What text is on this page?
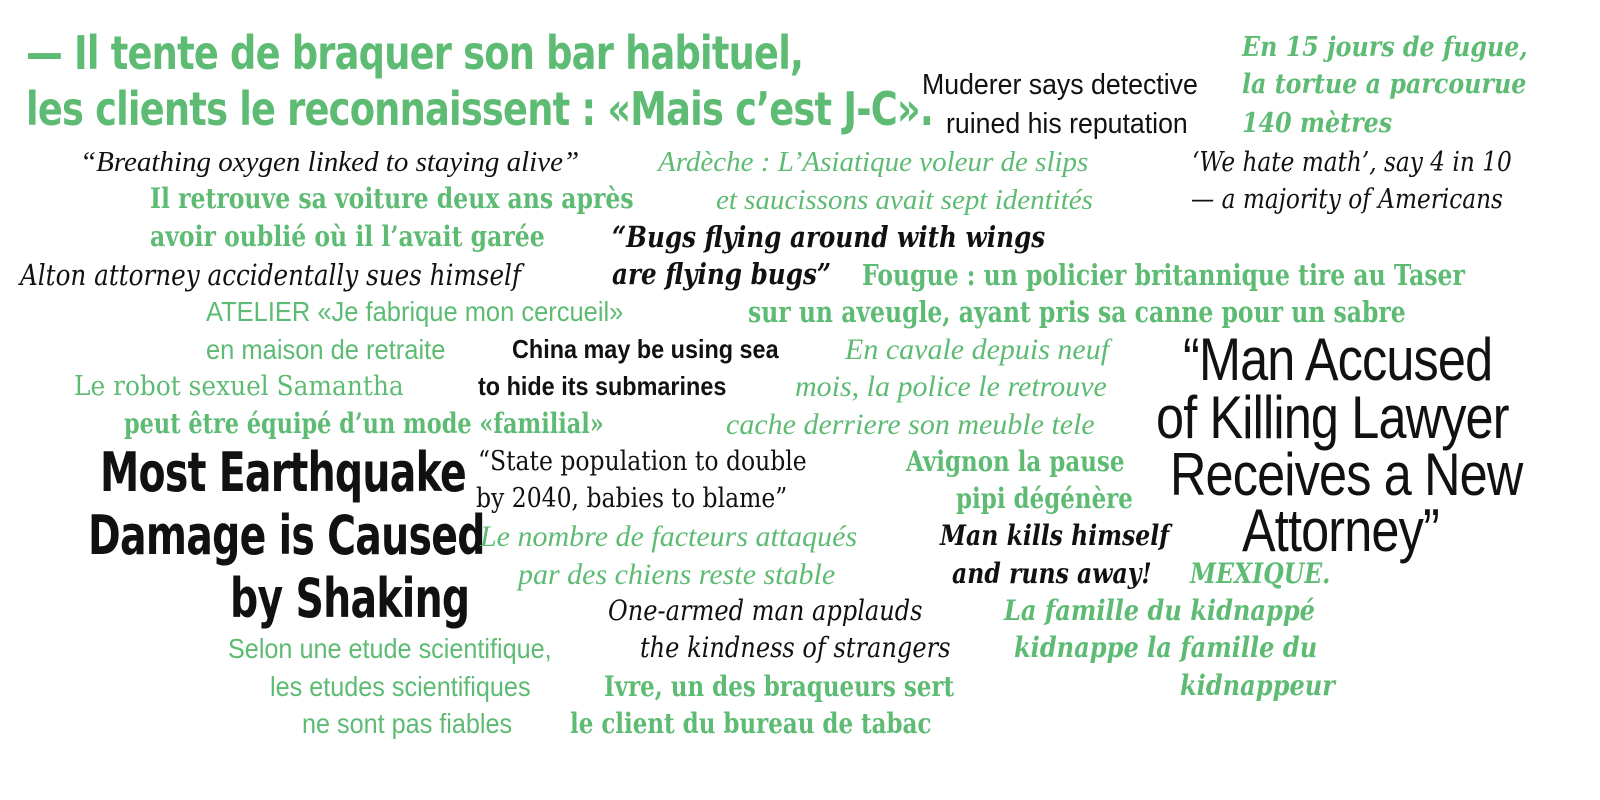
— Il tente de braquer son bar habituel,
les clients le reconnaissent : «Mais c’est J-C».
Muderer says detective
ruined his reputation
En 15 jours de fugue,
la tortue a parcourue
140 mètres
“Breathing oxygen linked to staying alive”	Ardèche : L’Asiatique voleur de slips
et saucissons avait sept identités
‘We hate math’, say 4 in 10
— a majority of Americans
Il retrouve sa voiture deux ans après
avoir oublié où il l’avait garée “Bugs flying around with wings
are flying bugs”
Alton attorney accidentally sues himself	Fougue : un policier britannique tire au Taser
sur un aveugle, ayant pris sa canne pour un sabre
ATELIER «Je fabrique mon cercueil»
en maison de retraite	China may be using sea
to hide its submarines
En cavale depuis neuf
mois, la police le retrouve
cache derriere son meuble tele
Le robot sexuel Samantha
peut être équipé d’un mode «familial»
“Man Accused
of Killing Lawyer
Receives a New
Attorney”
Most Earthquake
Damage is Caused
by Shaking
“State population to double
by 2040, babies to blame”
Avignon la pause
pipi dégénère
Le nombre de facteurs attaqués
par des chiens reste stable
Man kills himself
and runs away! MEXIQUE.
One-armed man applauds
the kindness of strangers
La famille du kidnappé
kidnappe la famille du
kidnappeur
Selon une etude scientifique,
les etudes scientifiques
ne sont pas fiables
Ivre, un des braqueurs sert
le client du bureau de tabac
